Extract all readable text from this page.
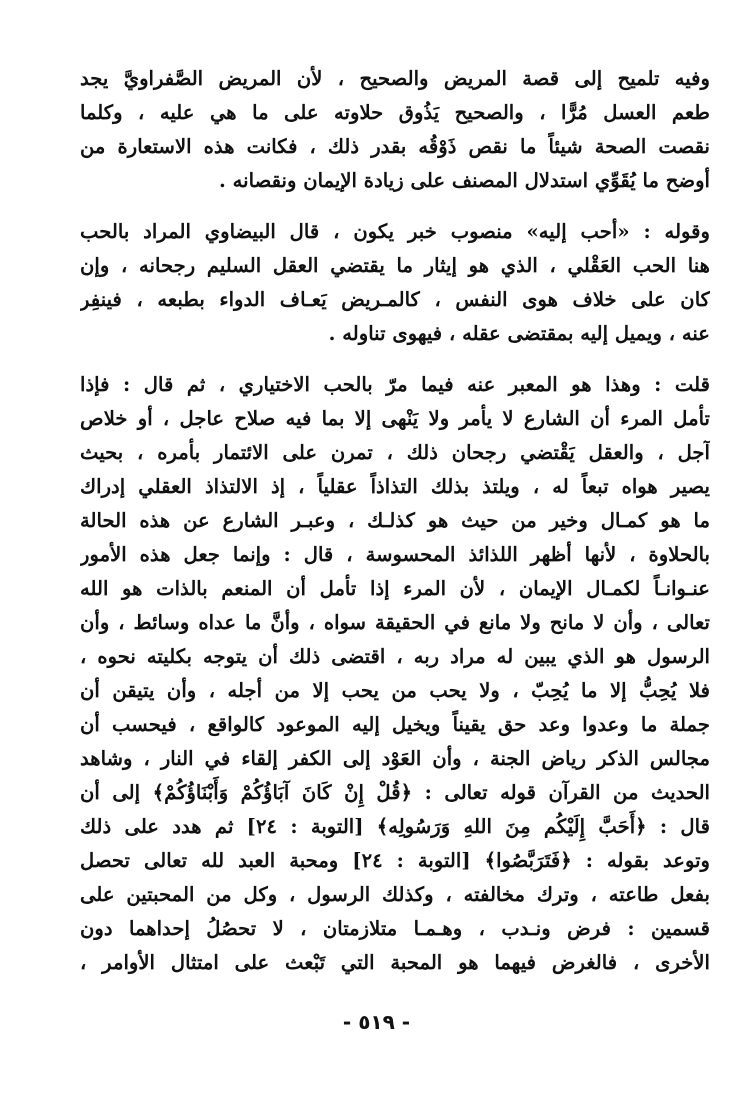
وفيه تلميح إلى قصة المريض والصحيح ، لأن المريض الصَّفراويَّ يجد
طعم العسل مُرًّا ، والصحيح يَذُوق حلاوته على ما هي عليه ، وكلما
نقصت الصحة شيئاً ما نقص ذَوْقُه بقدر ذلك ، فكانت هذه الاستعارة من
أوضح ما يُقَوِّي استدلال المصنف على زيادة الإيمان ونقصانه .
وقوله : «أحب إليه» منصوب خبر يكون ، قال البيضاوي المراد بالحب
هنا الحب العَقْلي ، الذي هو إيثار ما يقتضي العقل السليم رجحانه ، وإن
كان على خلاف هوى النفس ، كالمـريض يَعـاف الدواء بطبعه ، فينفِر
عنه ، ويميل إليه بمقتضى عقله ، فيهوى تناوله .
قلت : وهذا هو المعبر عنه فيما مرّ بالحب الاختياري ، ثم قال : فإذا
تأمل المرء أن الشارع لا يأمر ولا يَنْهى إلا بما فيه صلاح عاجل ، أو خلاص
آجل ، والعقل يَقْتضي رجحان ذلك ، تمرن على الائتمار بأمره ، بحيث
يصير هواه تبعاً له ، ويلتذ بذلك التذاذاً عقلياً ، إذ الالتذاذ العقلي إدراك
ما هو كمـال وخير من حيث هو كذلـك ، وعبـر الشارع عن هذه الحالة
بالحلاوة ، لأنها أظهر اللذائذ المحسوسة ، قال : وإنما جعل هذه الأمور
عنـوانـاً لكمـال الإيمان ، لأن المرء إذا تأمل أن المنعم بالذات هو الله
تعالى ، وأن لا مانح ولا مانع في الحقيقة سواه ، وأنَّ ما عداه وسائط ، وأن
الرسول هو الذي يبين له مراد ربه ، اقتضى ذلك أن يتوجه بكليته نحوه ،
فلا يُحِبُّ إلا ما يُحِبّ ، ولا يحب من يحب إلا من أجله ، وأن يتيقن أن
جملة ما وعدوا وعد حق يقيناً ويخيل إليه الموعود كالواقع ، فيحسب أن
مجالس الذكر رياض الجنة ، وأن العَوْد إلى الكفر إلقاء في النار ، وشاهد
الحديث من القرآن قوله تعالى : ﴿قُلْ إِنْ كَانَ آبَاؤُكُمْ وَأَبْنَاؤُكُمْ﴾ إلى أن
قال : ﴿أَحَبَّ إِلَيْكُم مِنَ اللهِ وَرَسُولِه﴾ [التوبة : ٢٤] ثم هدد على ذلك
وتوعد بقوله : ﴿فَتَرَبَّصُوا﴾ [التوبة : ٢٤] ومحبة العبد لله تعالى تحصل
بفعل طاعته ، وترك مخالفته ، وكذلك الرسول ، وكل من المحبتين على
قسمين : فرض ونـدب ، وهـمـا متلازمتان ، لا تحصُلُ إحداهما دون
الأخرى ، فالغرض فيهما هو المحبة التي تَبْعث على امتثال الأوامر ،
- ٥١٩ -
